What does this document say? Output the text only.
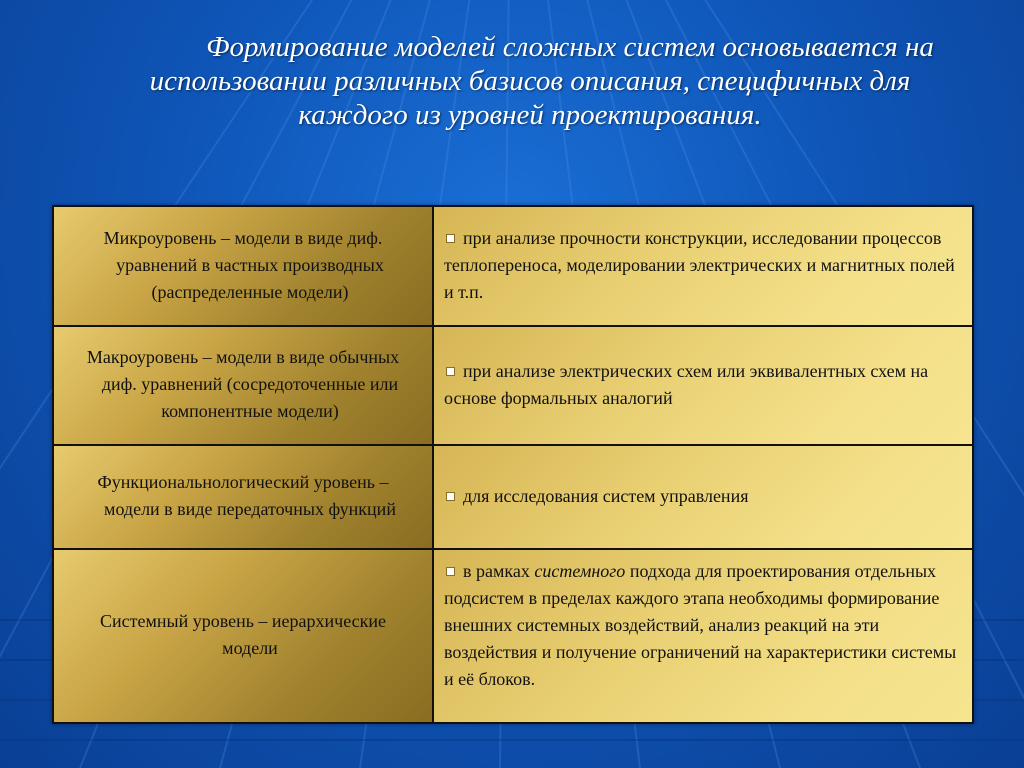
Формирование моделей сложных систем основывается на использовании различных базисов описания, специфичных для каждого из уровней проектирования.

Микроуровень – модели в виде диф. уравнений в частных производных (распределенные модели)	при анализе прочности конструкции, исследовании процессов теплопереноса, моделировании электрических и магнитных полей и т.п.

Макроуровень – модели в виде обычных диф. уравнений (сосредоточенные или компонентные модели)	при анализе электрических схем или эквивалентных схем на основе формальных аналогий

Функциональнологический уровень – модели в виде передаточных функций	для исследования систем управления

Системный уровень – иерархические модели	в рамках системного подхода для проектирования отдельных подсистем в пределах каждого этапа необходимы формирование внешних системных воздействий, анализ реакций на эти воздействия и получение ограничений на характеристики системы и её блоков.
